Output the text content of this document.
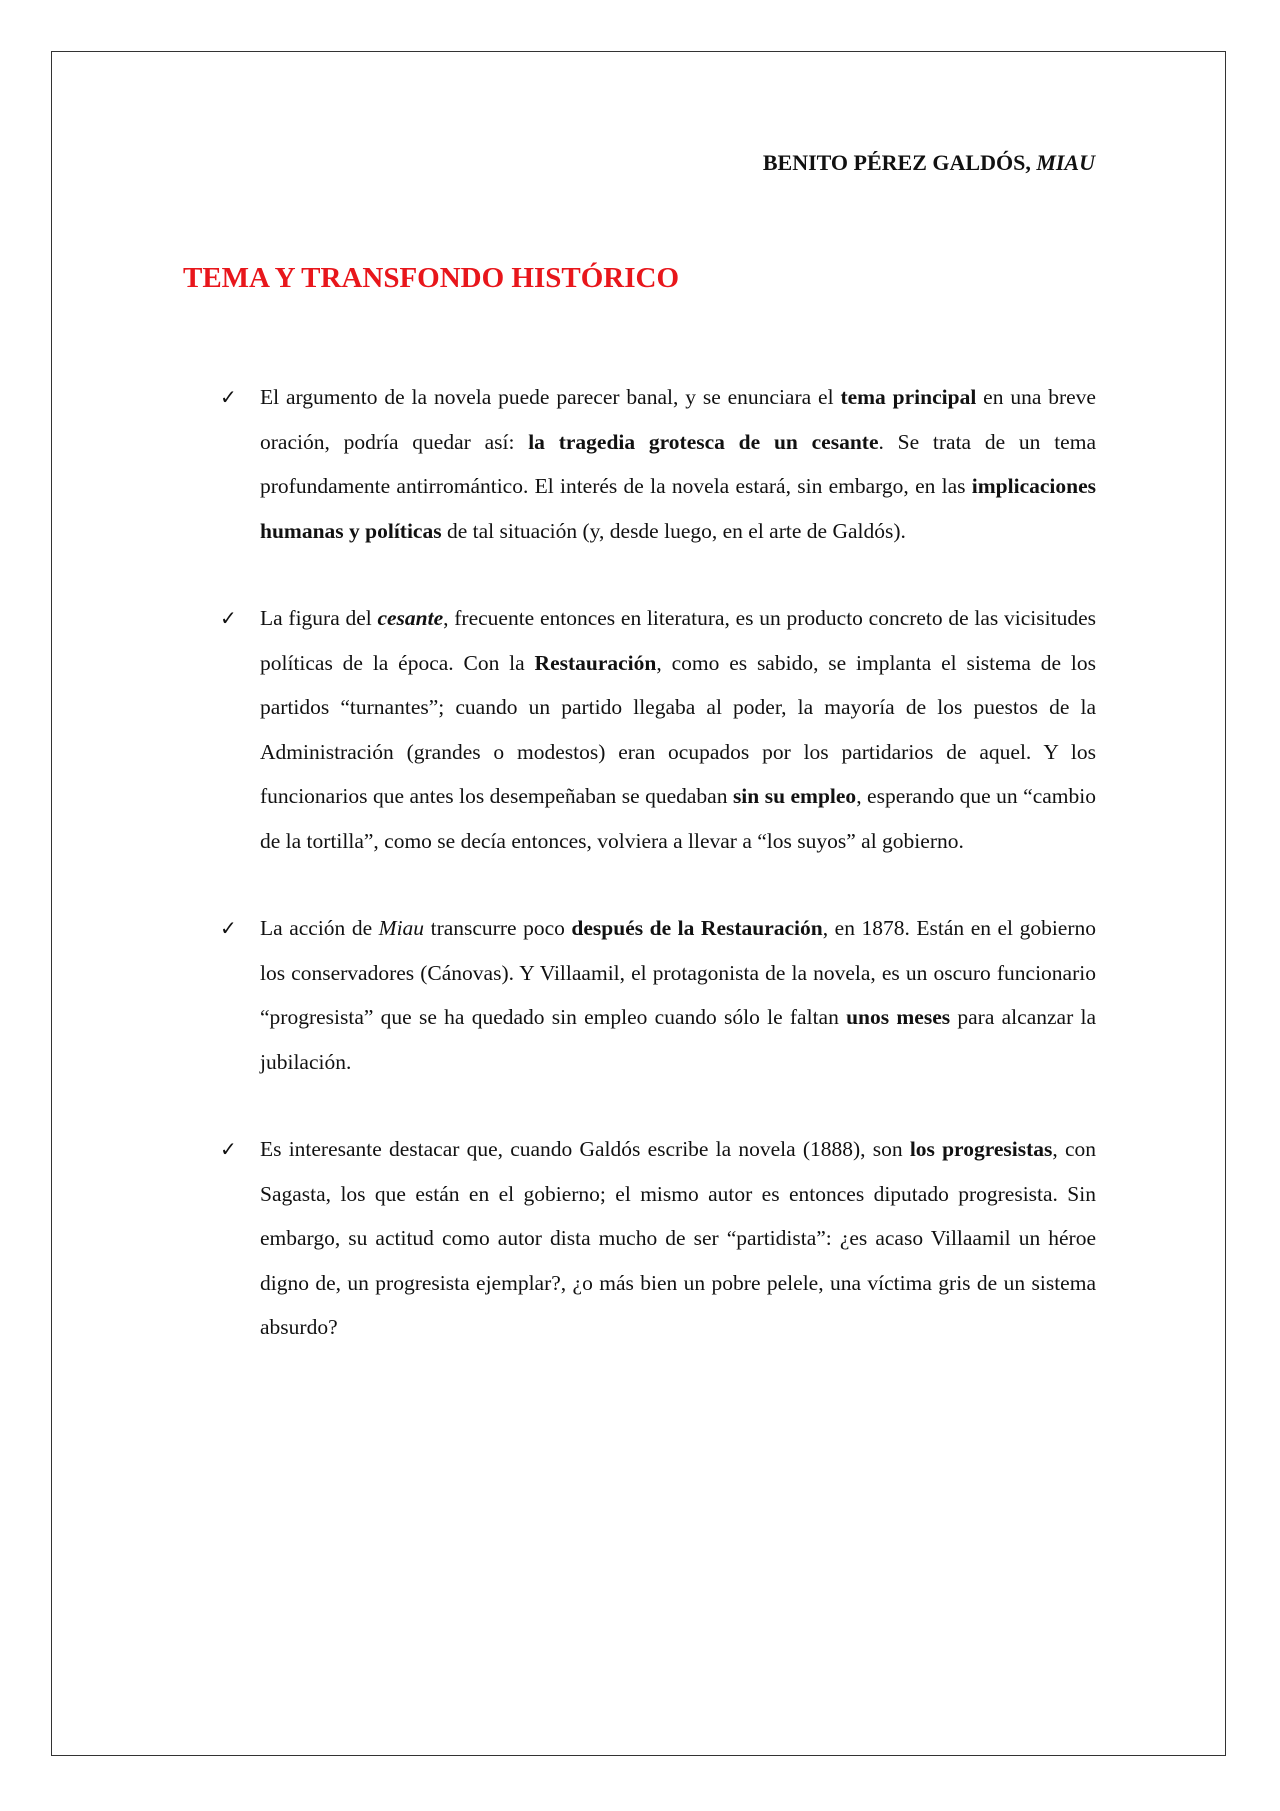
BENITO PÉREZ GALDÓS, MIAU
TEMA Y TRANSFONDO HISTÓRICO
✓ El argumento de la novela puede parecer banal, y se enunciara el tema principal en una breve oración, podría quedar así: la tragedia grotesca de un cesante. Se trata de un tema profundamente antirromántico. El interés de la novela estará, sin embargo, en las implicaciones humanas y políticas de tal situación (y, desde luego, en el arte de Galdós).
✓ La figura del cesante, frecuente entonces en literatura, es un producto concreto de las vicisitudes políticas de la época. Con la Restauración, como es sabido, se implanta el sistema de los partidos “turnantes”; cuando un partido llegaba al poder, la mayoría de los puestos de la Administración (grandes o modestos) eran ocupados por los partidarios de aquel. Y los funcionarios que antes los desempeñaban se quedaban sin su empleo, esperando que un “cambio de la tortilla”, como se decía entonces, volviera a llevar a “los suyos” al gobierno.
✓ La acción de Miau transcurre poco después de la Restauración, en 1878. Están en el gobierno los conservadores (Cánovas). Y Villaamil, el protagonista de la novela, es un oscuro funcionario “progresista” que se ha quedado sin empleo cuando sólo le faltan unos meses para alcanzar la jubilación.
✓ Es interesante destacar que, cuando Galdós escribe la novela (1888), son los progresistas, con Sagasta, los que están en el gobierno; el mismo autor es entonces diputado progresista. Sin embargo, su actitud como autor dista mucho de ser “partidista”: ¿es acaso Villaamil un héroe digno de, un progresista ejemplar?, ¿o más bien un pobre pelele, una víctima gris de un sistema absurdo?
